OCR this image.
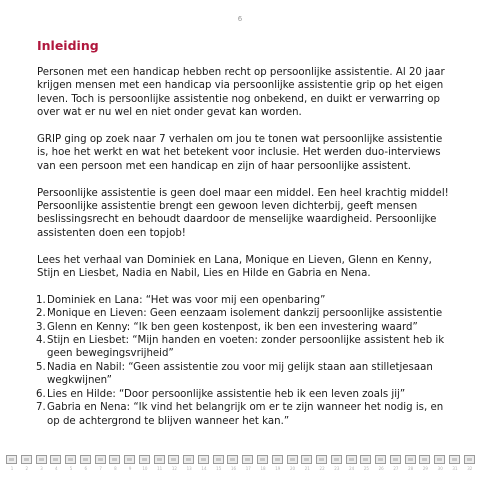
6
Inleiding

Personen met een handicap hebben recht op persoonlijke assistentie. Al 20 jaar krijgen mensen met een handicap via persoonlijke assistentie grip op het eigen leven. Toch is persoonlijke assistentie nog onbekend, en duikt er verwarring op over wat er nu wel en niet onder gevat kan worden.

GRIP ging op zoek naar 7 verhalen om jou te tonen wat persoonlijke assistentie is, hoe het werkt en wat het betekent voor inclusie. Het werden duo-interviews van een persoon met een handicap en zijn of haar persoonlijke assistent.

Persoonlijke assistentie is geen doel maar een middel. Een heel krachtig middel! Persoonlijke assistentie brengt een gewoon leven dichterbij, geeft mensen beslissingsrecht en behoudt daardoor de menselijke waardigheid. Persoonlijke assistenten doen een topjob!

Lees het verhaal van Dominiek en Lana, Monique en Lieven, Glenn en Kenny, Stijn en Liesbet, Nadia en Nabil, Lies en Hilde en Gabria en Nena.

1. Dominiek en Lana: “Het was voor mij een openbaring”
2. Monique en Lieven: Geen eenzaam isolement dankzij persoonlijke assistentie
3. Glenn en Kenny: “Ik ben geen kostenpost, ik ben een investering waard”
4. Stijn en Liesbet: “Mijn handen en voeten: zonder persoonlijke assistent heb ik geen bewegingsvrijheid”
5. Nadia en Nabil: “Geen assistentie zou voor mij gelijk staan aan stilletjesaan wegkwijnen”
6. Lies en Hilde: “Door persoonlijke assistentie heb ik een leven zoals jij”
7. Gabria en Nena: “Ik vind het belangrijk om er te zijn wanneer het nodig is, en op de achtergrond te blijven wanneer het kan.”
1	2	3	4	5	6	7	8	9	10	11	12	13	14	15	16	17	18	19	20	21	22	23	24	25	26	27	28	29	30	31	32
